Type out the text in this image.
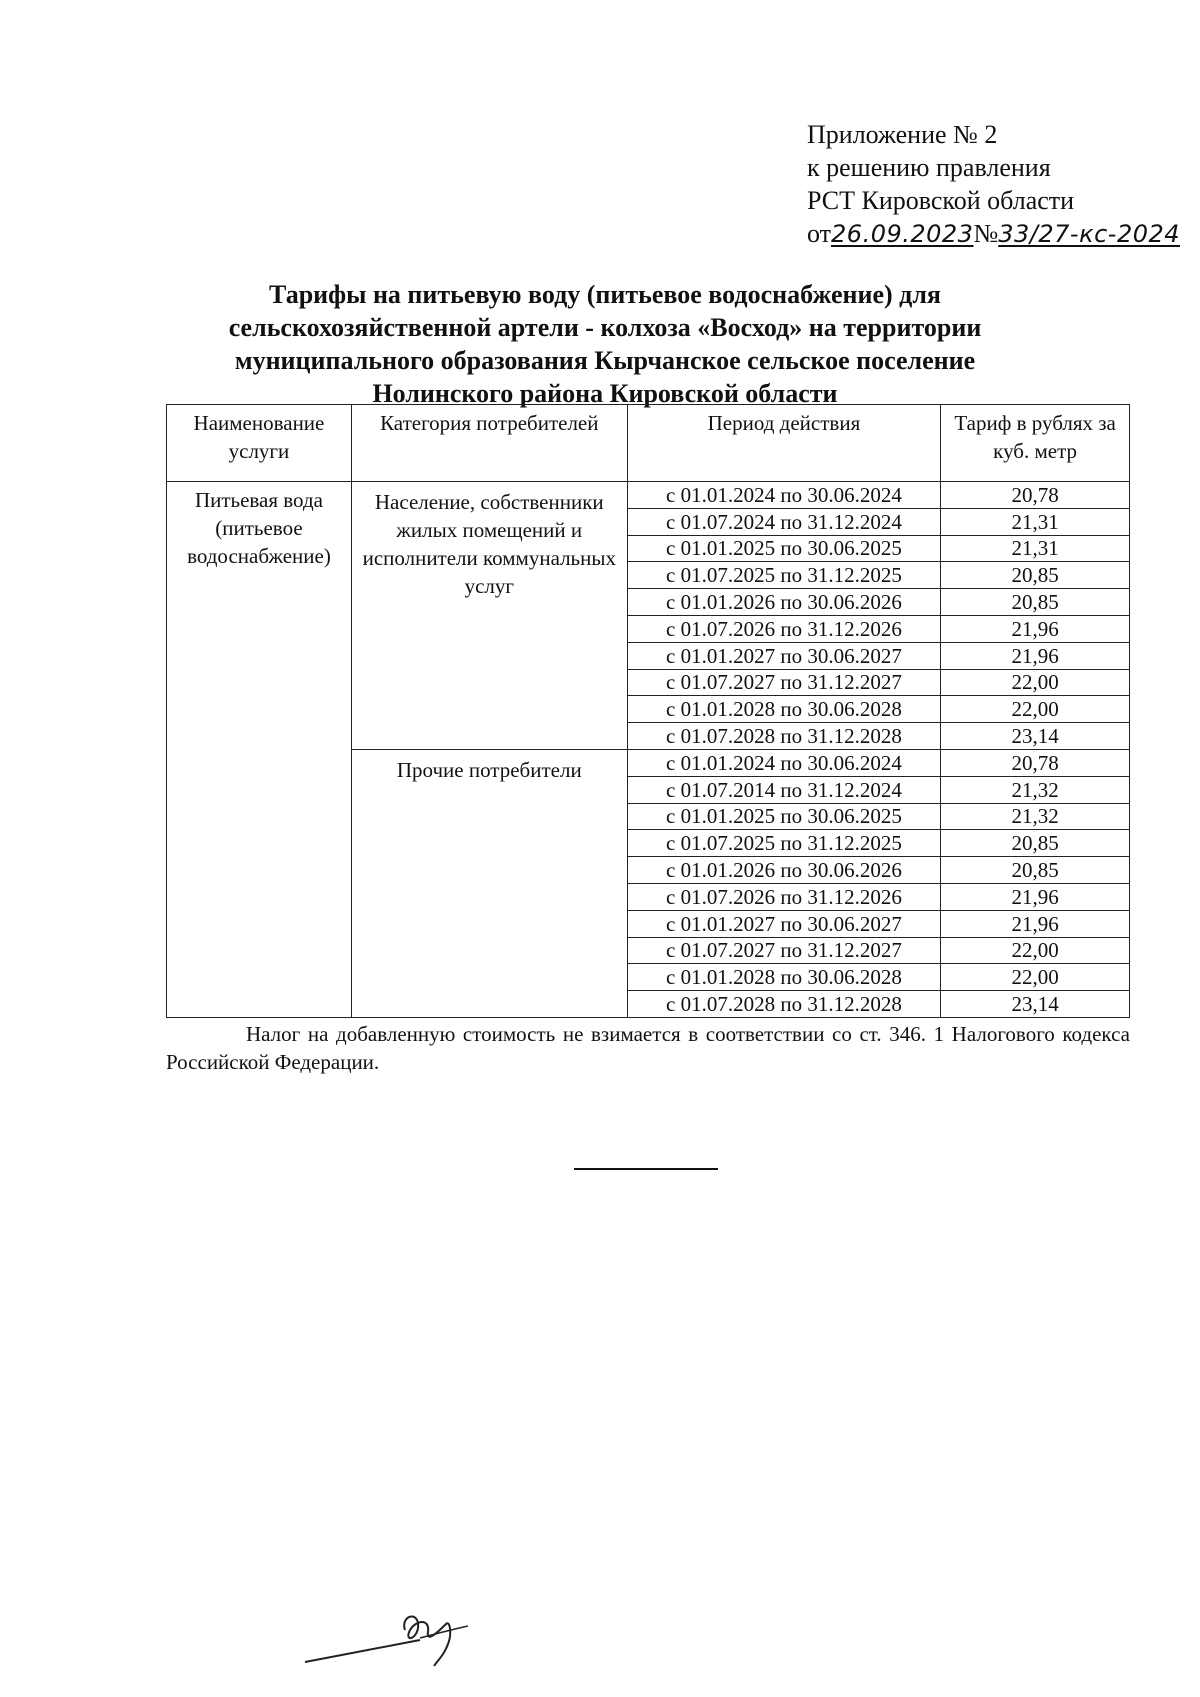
Приложение № 2
к решению правления
РСТ Кировской области
от26.09.2023№33/27-кс-2024
Тарифы на питьевую воду (питьевое водоснабжение) для
сельскохозяйственной артели - колхоза «Восход» на территории
муниципального образования Кырчанское сельское поселение
Нолинского района Кировской области
Наименование услуги	Категория потребителей	Период действия	Тариф в рублях за куб. метр
Питьевая вода (питьевое водоснабжение)	Население, собственники жилых помещений и исполнители коммунальных услуг	с 01.01.2024 по 30.06.2024	20,78
		с 01.07.2024 по 31.12.2024	21,31
		с 01.01.2025 по 30.06.2025	21,31
		с 01.07.2025 по 31.12.2025	20,85
		с 01.01.2026 по 30.06.2026	20,85
		с 01.07.2026 по 31.12.2026	21,96
		с 01.01.2027 по 30.06.2027	21,96
		с 01.07.2027 по 31.12.2027	22,00
		с 01.01.2028 по 30.06.2028	22,00
		с 01.07.2028 по 31.12.2028	23,14
	Прочие потребители	с 01.01.2024 по 30.06.2024	20,78
		с 01.07.2014 по 31.12.2024	21,32
		с 01.01.2025 по 30.06.2025	21,32
		с 01.07.2025 по 31.12.2025	20,85
		с 01.01.2026 по 30.06.2026	20,85
		с 01.07.2026 по 31.12.2026	21,96
		с 01.01.2027 по 30.06.2027	21,96
		с 01.07.2027 по 31.12.2027	22,00
		с 01.01.2028 по 30.06.2028	22,00
		с 01.07.2028 по 31.12.2028	23,14
Налог на добавленную стоимость не взимается в соответствии со ст. 346. 1 Налогового кодекса Российской Федерации.
